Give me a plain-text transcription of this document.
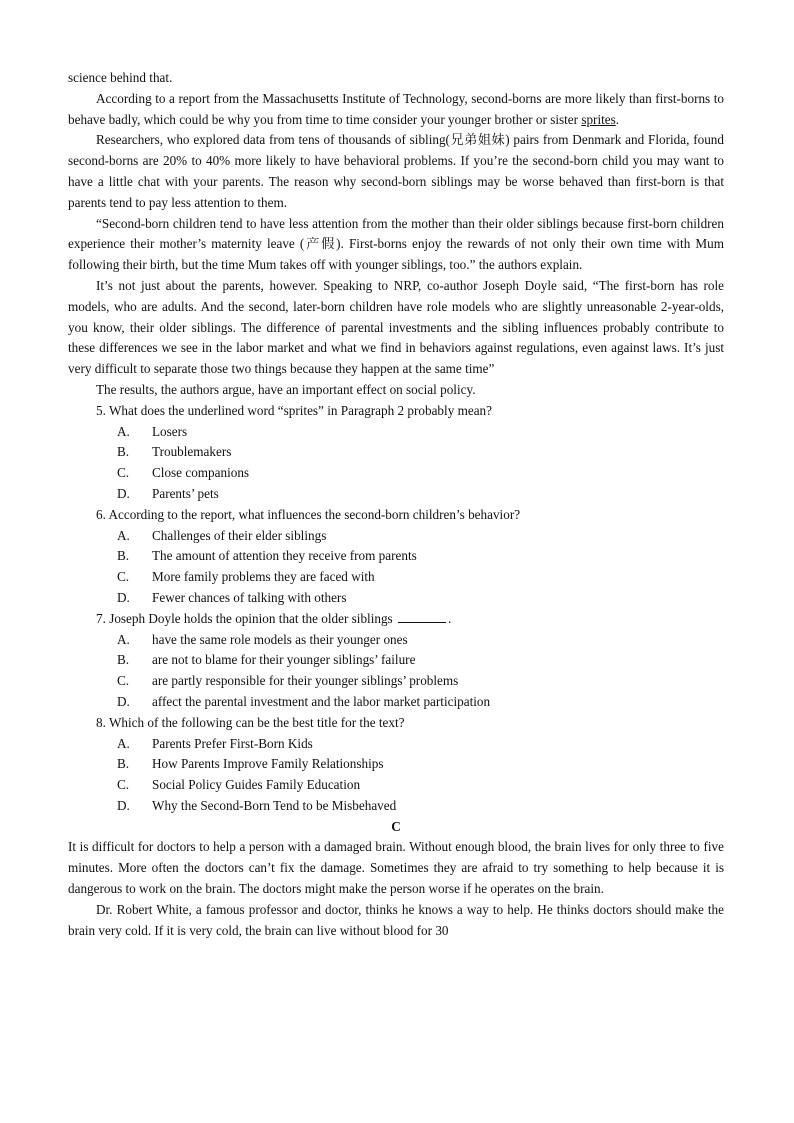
science behind that.

According to a report from the Massachusetts Institute of Technology, second-borns are more likely than first-borns to behave badly, which could be why you from time to time consider your younger brother or sister sprites.

Researchers, who explored data from tens of thousands of sibling(兄弟姐妹) pairs from Denmark and Florida, found second-borns are 20% to 40% more likely to have behavioral problems. If you’re the second-born child you may want to have a little chat with your parents. The reason why second-born siblings may be worse behaved than first-born is that parents tend to pay less attention to them.

“Second-born children tend to have less attention from the mother than their older siblings because first-born children experience their mother’s maternity leave (产假). First-borns enjoy the rewards of not only their own time with Mum following their birth, but the time Mum takes off with younger siblings, too.” the authors explain.

It’s not just about the parents, however. Speaking to NRP, co-author Joseph Doyle said, “The first-born has role models, who are adults. And the second, later-born children have role models who are slightly unreasonable 2-year-olds, you know, their older siblings. The difference of parental investments and the sibling influences probably contribute to these differences we see in the labor market and what we find in behaviors against regulations, even against laws. It’s just very difficult to separate those two things because they happen at the same time”

The results, the authors argue, have an important effect on social policy.

5. What does the underlined word “sprites” in Paragraph 2 probably mean?

A.	Losers
B.	Troublemakers
C.	Close companions
D.	Parents’ pets

6. According to the report, what influences the second-born children’s behavior?

A.	Challenges of their elder siblings
B.	The amount of attention they receive from parents
C.	More family problems they are faced with
D.	Fewer chances of talking with others

7. Joseph Doyle holds the opinion that the older siblings	.

A.	have the same role models as their younger ones
B.	are not to blame for their younger siblings’ failure
C.	are partly responsible for their younger siblings’ problems
D.	affect the parental investment and the labor market participation

8. Which of the following can be the best title for the text?

A.	Parents Prefer First-Born Kids
B.	How Parents Improve Family Relationships
C.	Social Policy Guides Family Education
D.	Why the Second-Born Tend to be Misbehaved

C

It is difficult for doctors to help a person with a damaged brain. Without enough blood, the brain lives for only three to five minutes. More often the doctors can’t fix the damage. Sometimes they are afraid to try something to help because it is dangerous to work on the brain. The doctors might make the person worse if he operates on the brain.

Dr. Robert White, a famous professor and doctor, thinks he knows a way to help. He thinks doctors should make the brain very cold. If it is very cold, the brain can live without blood for 30
